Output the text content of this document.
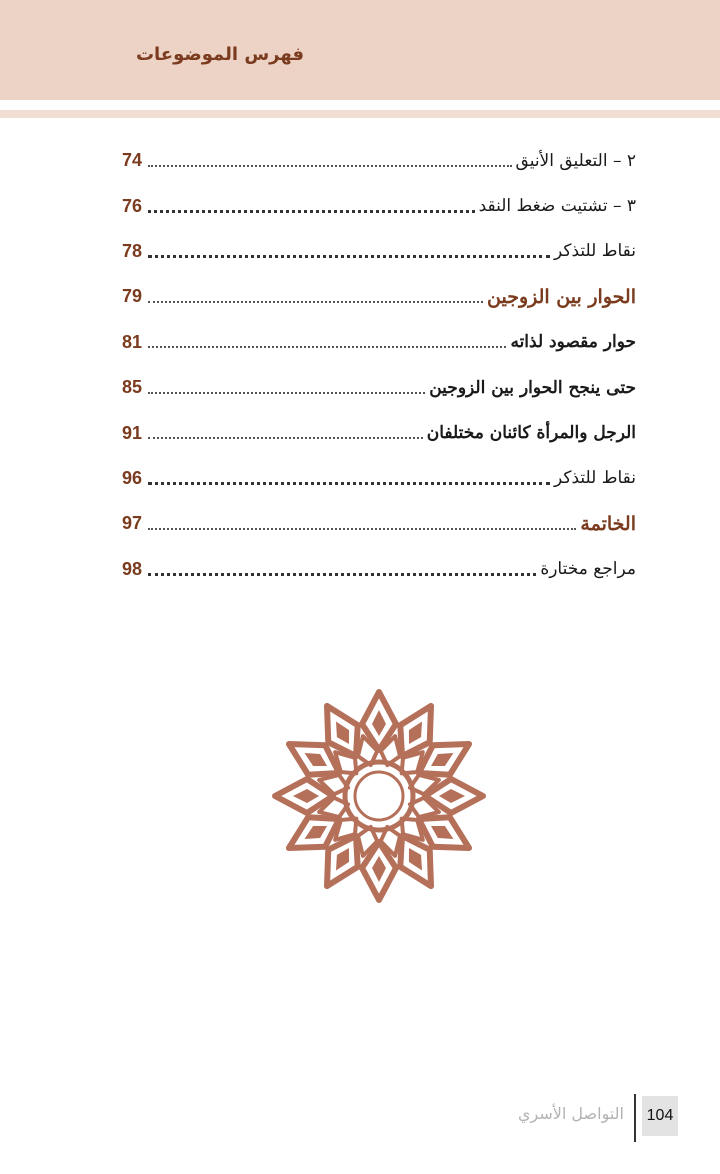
فهرس الموضوعات
٢ – التعليق الأنيق
74
٣ – تشتيت ضغط النقد
76
نقاط للتذكر
78
الحوار بين الزوجين
79
حوار مقصود لذاته
81
حتى ينجح الحوار بين الزوجين
85
الرجل والمرأة كائنان مختلفان
91
نقاط للتذكر
96
الخاتمة
97
مراجع مختارة
98
التواصل الأسري 104
